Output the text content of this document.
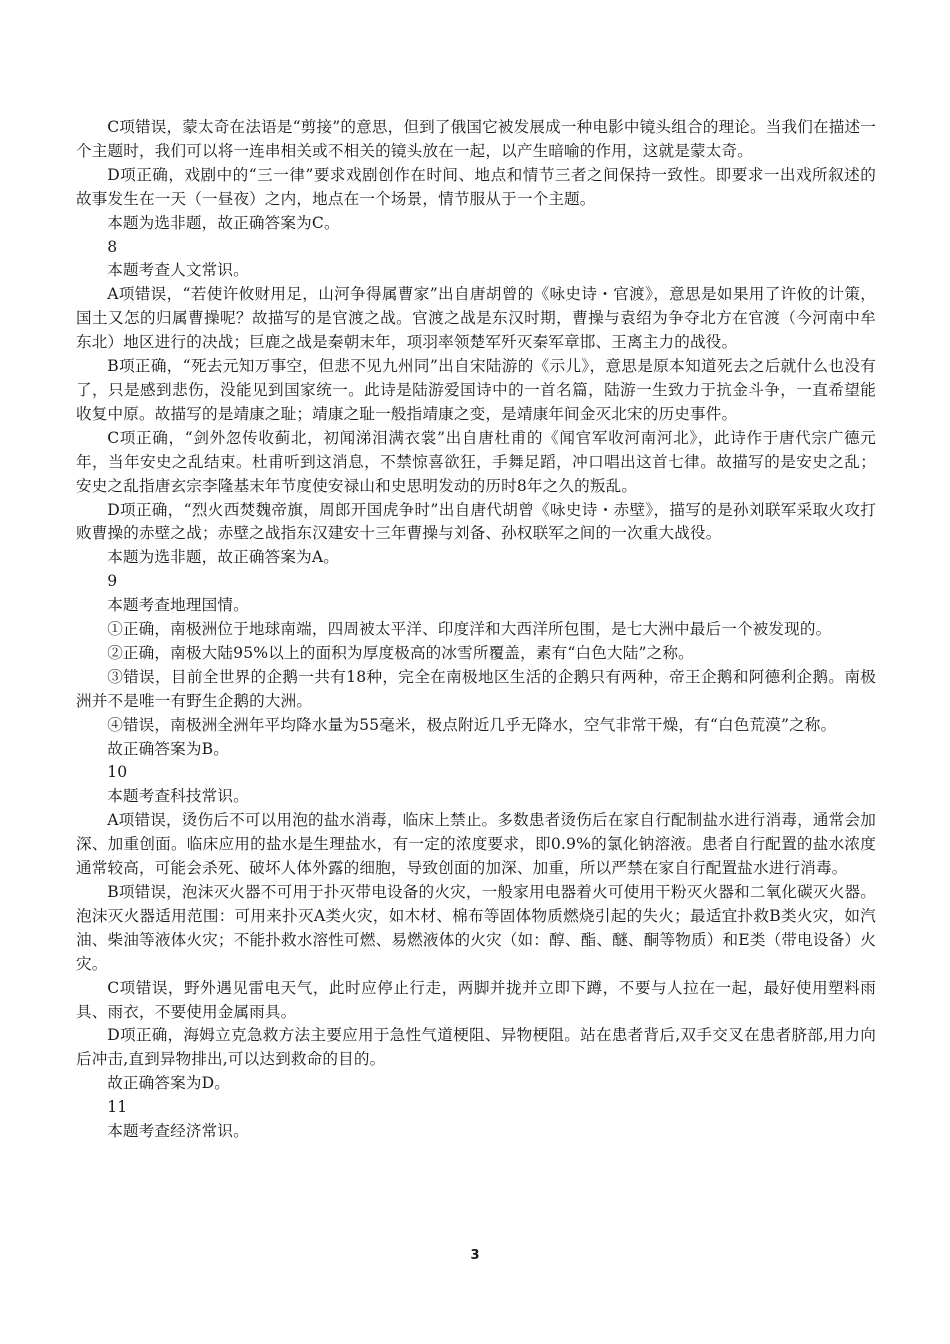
C项错误，蒙太奇在法语是“剪接”的意思，但到了俄国它被发展成一种电影中镜头组合的理论。当我们在描述一个主题时，我们可以将一连串相关或不相关的镜头放在一起，以产生暗喻的作用，这就是蒙太奇。

D项正确，戏剧中的“三一律”要求戏剧创作在时间、地点和情节三者之间保持一致性。即要求一出戏所叙述的故事发生在一天（一昼夜）之内，地点在一个场景，情节服从于一个主题。

本题为选非题，故正确答案为C。

8

本题考查人文常识。

A项错误，“若使许攸财用足，山河争得属曹家”出自唐胡曾的《咏史诗・官渡》，意思是如果用了许攸的计策，国土又怎的归属曹操呢？故描写的是官渡之战。官渡之战是东汉时期，曹操与袁绍为争夺北方在官渡（今河南中牟东北）地区进行的决战；巨鹿之战是秦朝末年，项羽率领楚军歼灭秦军章邯、王离主力的战役。

B项正确，“死去元知万事空，但悲不见九州同”出自宋陆游的《示儿》，意思是原本知道死去之后就什么也没有了，只是感到悲伤，没能见到国家统一。此诗是陆游爱国诗中的一首名篇，陆游一生致力于抗金斗争，一直希望能收复中原。故描写的是靖康之耻；靖康之耻一般指靖康之变，是靖康年间金灭北宋的历史事件。

C项正确，“剑外忽传收蓟北，初闻涕泪满衣裳”出自唐杜甫的《闻官军收河南河北》，此诗作于唐代宗广德元年，当年安史之乱结束。杜甫听到这消息，不禁惊喜欲狂，手舞足蹈，冲口唱出这首七律。故描写的是安史之乱；安史之乱指唐玄宗李隆基末年节度使安禄山和史思明发动的历时8年之久的叛乱。

D项正确，“烈火西焚魏帝旗，周郎开国虎争时”出自唐代胡曾《咏史诗・赤壁》，描写的是孙刘联军采取火攻打败曹操的赤壁之战；赤壁之战指东汉建安十三年曹操与刘备、孙权联军之间的一次重大战役。

本题为选非题，故正确答案为A。

9

本题考查地理国情。

①正确，南极洲位于地球南端，四周被太平洋、印度洋和大西洋所包围，是七大洲中最后一个被发现的。

②正确，南极大陆95%以上的面积为厚度极高的冰雪所覆盖，素有“白色大陆”之称。

③错误，目前全世界的企鹅一共有18种，完全在南极地区生活的企鹅只有两种，帝王企鹅和阿德利企鹅。南极洲并不是唯一有野生企鹅的大洲。

④错误，南极洲全洲年平均降水量为55毫米，极点附近几乎无降水，空气非常干燥，有“白色荒漠”之称。

故正确答案为B。

10

本题考查科技常识。

A项错误，烫伤后不可以用泡的盐水消毒，临床上禁止。多数患者烫伤后在家自行配制盐水进行消毒，通常会加深、加重创面。临床应用的盐水是生理盐水，有一定的浓度要求，即0.9%的氯化钠溶液。患者自行配置的盐水浓度通常较高，可能会杀死、破坏人体外露的细胞，导致创面的加深、加重，所以严禁在家自行配置盐水进行消毒。

B项错误，泡沫灭火器不可用于扑灭带电设备的火灾，一般家用电器着火可使用干粉灭火器和二氧化碳灭火器。泡沫灭火器适用范围：可用来扑灭A类火灾，如木材、棉布等固体物质燃烧引起的失火；最适宜扑救B类火灾，如汽油、柴油等液体火灾；不能扑救水溶性可燃、易燃液体的火灾（如：醇、酯、醚、酮等物质）和E类（带电设备）火灾。

C项错误，野外遇见雷电天气，此时应停止行走，两脚并拢并立即下蹲，不要与人拉在一起，最好使用塑料雨具、雨衣，不要使用金属雨具。

D项正确，海姆立克急救方法主要应用于急性气道梗阻、异物梗阻。站在患者背后,双手交叉在患者脐部,用力向后冲击,直到异物排出,可以达到救命的目的。

故正确答案为D。

11

本题考查经济常识。

3
